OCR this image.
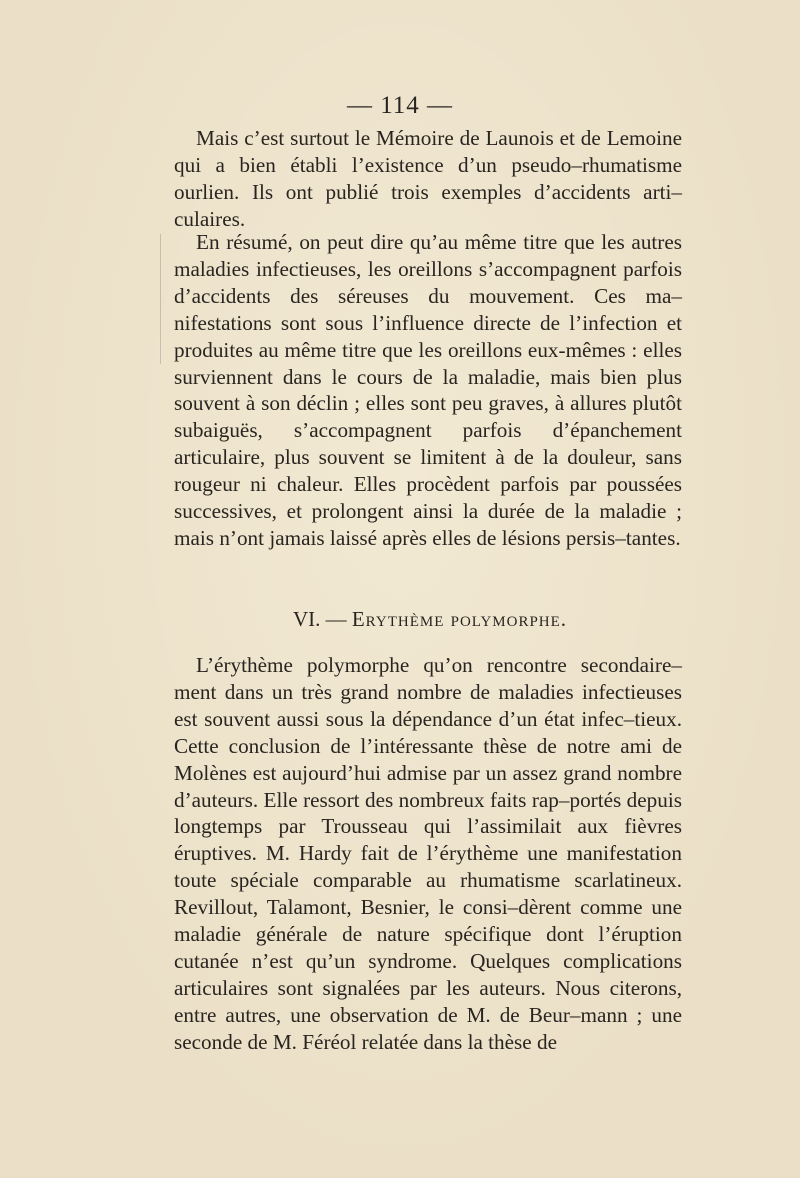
— 114 —

Mais c’est surtout le Mémoire de Launois et de Lemoine qui a bien établi l’existence d’un pseudo–rhumatisme ourlien. Ils ont publié trois exemples d’accidents arti–culaires.

En résumé, on peut dire qu’au même titre que les autres maladies infectieuses, les oreillons s’accompagnent parfois d’accidents des séreuses du mouvement. Ces ma–nifestations sont sous l’influence directe de l’infection et produites au même titre que les oreillons eux-mêmes : elles surviennent dans le cours de la maladie, mais bien plus souvent à son déclin ; elles sont peu graves, à allures plutôt subaiguës, s’accompagnent parfois d’épanchement articulaire, plus souvent se limitent à de la douleur, sans rougeur ni chaleur. Elles procèdent parfois par poussées successives, et prolongent ainsi la durée de la maladie ; mais n’ont jamais laissé après elles de lésions persis–tantes.

VI. — Erythème polymorphe.

L’érythème polymorphe qu’on rencontre secondaire–ment dans un très grand nombre de maladies infectieuses est souvent aussi sous la dépendance d’un état infec–tieux. Cette conclusion de l’intéressante thèse de notre ami de Molènes est aujourd’hui admise par un assez grand nombre d’auteurs. Elle ressort des nombreux faits rap–portés depuis longtemps par Trousseau qui l’assimilait aux fièvres éruptives. M. Hardy fait de l’érythème une manifestation toute spéciale comparable au rhumatisme scarlatineux. Revillout, Talamont, Besnier, le consi–dèrent comme une maladie générale de nature spécifique dont l’éruption cutanée n’est qu’un syndrome. Quelques complications articulaires sont signalées par les auteurs. Nous citerons, entre autres, une observation de M. de Beur–mann ; une seconde de M. Féréol relatée dans la thèse de
